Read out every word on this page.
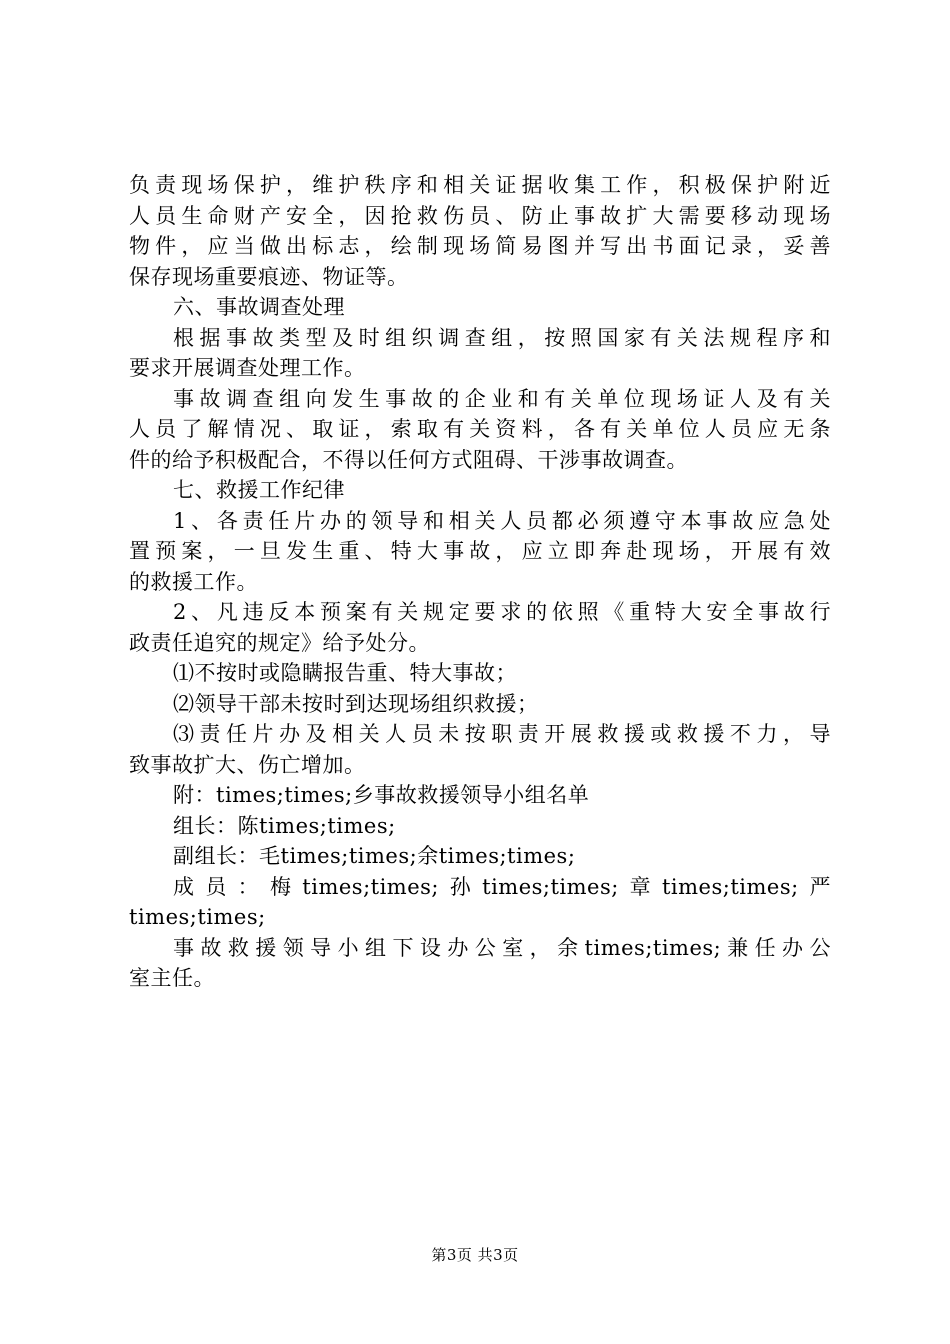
负责现场保护，维护秩序和相关证据收集工作，积极保护附近
人员生命财产安全，因抢救伤员、防止事故扩大需要移动现场
物件，应当做出标志，绘制现场简易图并写出书面记录，妥善
保存现场重要痕迹、物证等。
六、事故调查处理
根据事故类型及时组织调查组，按照国家有关法规程序和
要求开展调查处理工作。
事故调查组向发生事故的企业和有关单位现场证人及有关
人员了解情况、取证，索取有关资料，各有关单位人员应无条
件的给予积极配合，不得以任何方式阻碍、干涉事故调查。
七、救援工作纪律
1、各责任片办的领导和相关人员都必须遵守本事故应急处
置预案，一旦发生重、特大事故，应立即奔赴现场，开展有效
的救援工作。
2、凡违反本预案有关规定要求的依照《重特大安全事故行
政责任追究的规定》给予处分。
⑴不按时或隐瞒报告重、特大事故；
⑵领导干部未按时到达现场组织救援；
⑶责任片办及相关人员未按职责开展救援或救援不力，导
致事故扩大、伤亡增加。
附：times;times;乡事故救援领导小组名单
组长：陈times;times;
副组长：毛times;times;余times;times;
成员：梅times;times;孙times;times;章times;times;严
times;times;
事故救援领导小组下设办公室，余times;times;兼任办公
室主任。
第3页 共3页
